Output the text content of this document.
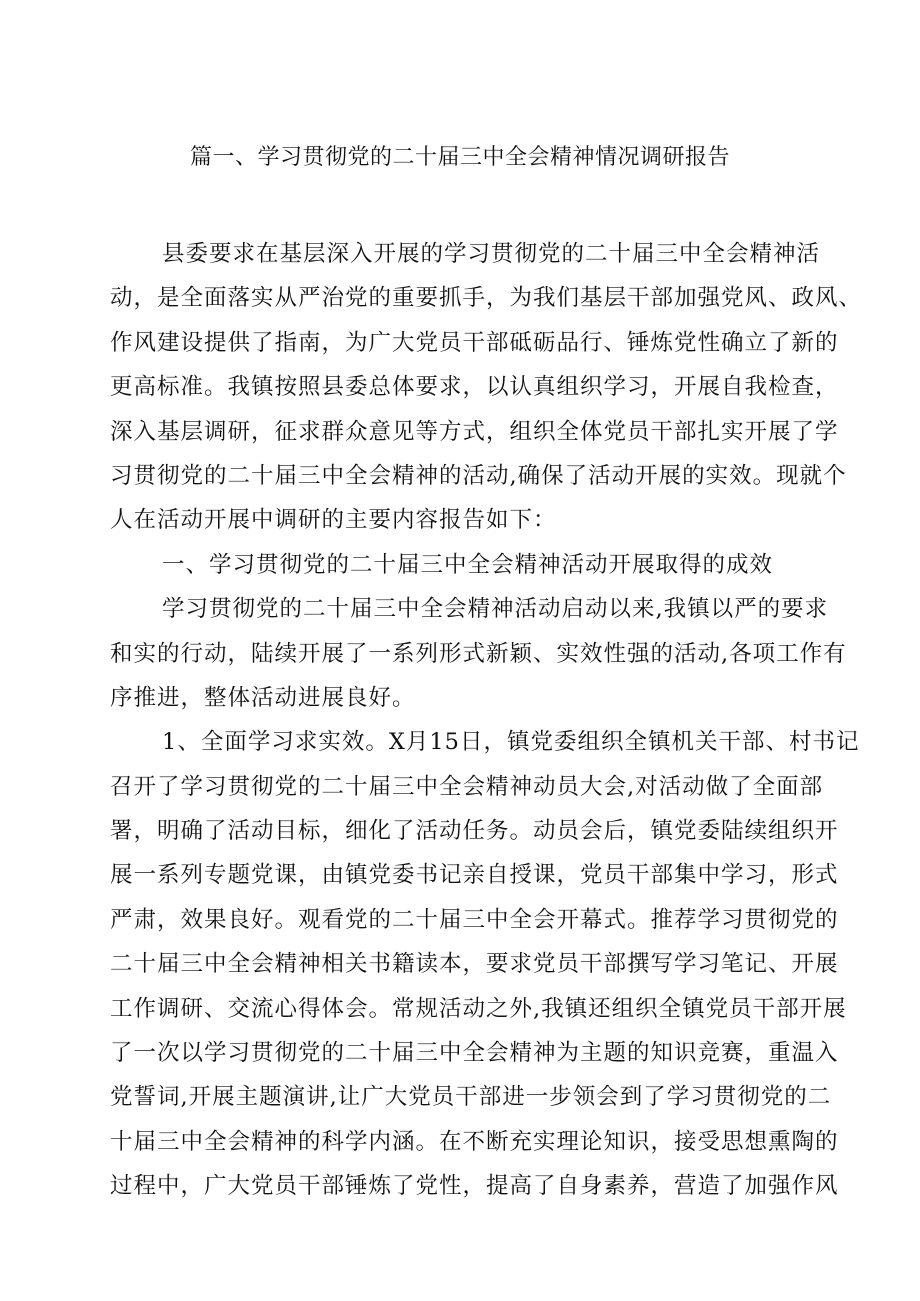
篇一、学习贯彻党的二十届三中全会精神情况调研报告
县委要求在基层深入开展的学习贯彻党的二十届三中全会精神活
动，是全面落实从严治党的重要抓手，为我们基层干部加强党风、政风、
作风建设提供了指南，为广大党员干部砥砺品行、锤炼党性确立了新的
更高标准。我镇按照县委总体要求，以认真组织学习，开展自我检查，
深入基层调研，征求群众意见等方式，组织全体党员干部扎实开展了学
习贯彻党的二十届三中全会精神的活动,确保了活动开展的实效。现就个
人在活动开展中调研的主要内容报告如下：
一、学习贯彻党的二十届三中全会精神活动开展取得的成效
学习贯彻党的二十届三中全会精神活动启动以来,我镇以严的要求
和实的行动，陆续开展了一系列形式新颖、实效性强的活动,各项工作有
序推进，整体活动进展良好。
1、全面学习求实效。X月15日，镇党委组织全镇机关干部、村书记
召开了学习贯彻党的二十届三中全会精神动员大会,对活动做了全面部
署，明确了活动目标，细化了活动任务。动员会后，镇党委陆续组织开
展一系列专题党课，由镇党委书记亲自授课，党员干部集中学习，形式
严肃，效果良好。观看党的二十届三中全会开幕式。推荐学习贯彻党的
二十届三中全会精神相关书籍读本，要求党员干部撰写学习笔记、开展
工作调研、交流心得体会。常规活动之外,我镇还组织全镇党员干部开展
了一次以学习贯彻党的二十届三中全会精神为主题的知识竞赛，重温入
党誓词,开展主题演讲,让广大党员干部进一步领会到了学习贯彻党的二
十届三中全会精神的科学内涵。在不断充实理论知识，接受思想熏陶的
过程中，广大党员干部锤炼了党性，提高了自身素养，营造了加强作风
